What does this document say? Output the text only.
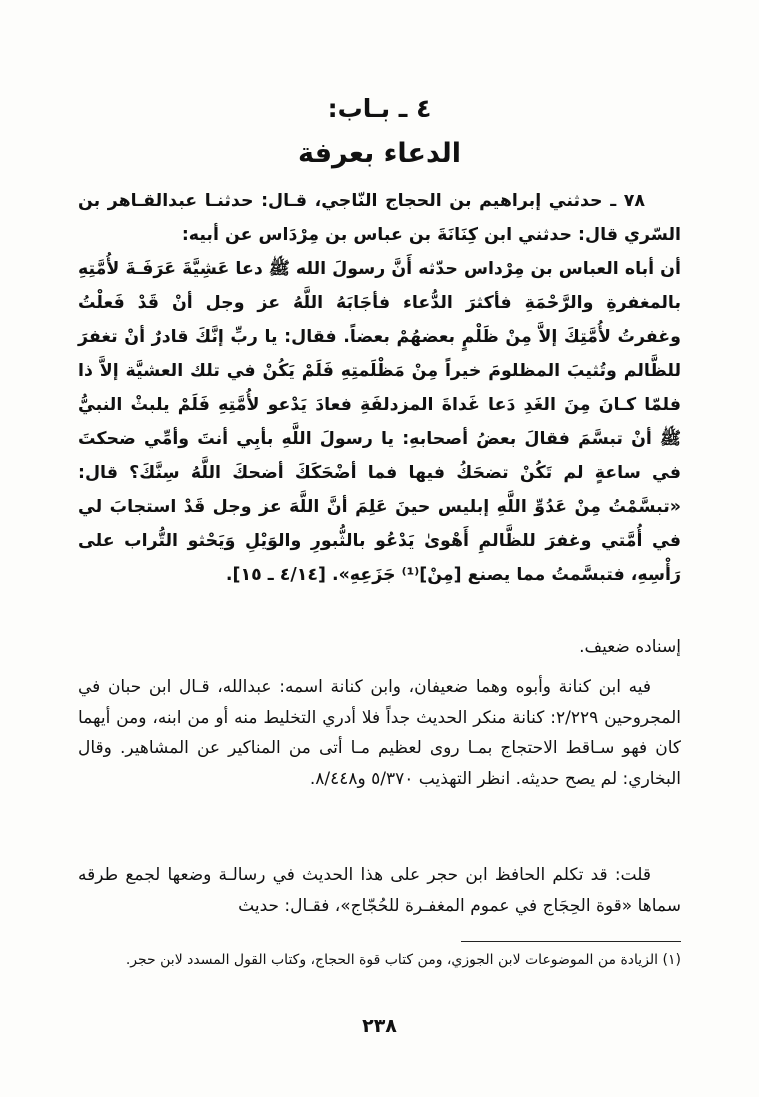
٤ ـ بـاب:
الدعاء بعرفة

٧٨ ـ حدثني إبراهيم بن الحجاج النّاجي، قـال: حدثنـا عبدالقـاهر بن السّري قال: حدثني ابن كِنَانَةَ بن عباس بن مِرْدَاس عن أبيه:

أن أباه العباس بن مِرْداس حدّثه أَنَّ رسولَ الله ﷺ دعا عَشِيَّةَ عَرَفَـةَ لأُمَّتِهِ بالمغفرةِ والرَّحْمَةِ فأكثرَ الدُّعاء فأجَابَهُ اللَّهُ عز وجل أنْ قَدْ فَعلْتُ وغفرتُ لأُمَّتِكَ إلاَّ مِنْ ظَلْمٍ بعضهُمْ بعضاً. فقال: يا ربِّ إنَّكَ قادرٌ أنْ تغفرَ للظَّالم وتُثيبَ المظلومَ خيراً مِنْ مَظْلَمتِهِ فَلَمْ يَكُنْ في تلك العشيَّة إلاَّ ذا فلمّا كـانَ مِنَ الغَدِ دَعا غَداةَ المزدلفَةِ فعادَ يَدْعو لأُمَّتِهِ فَلَمْ يلبثْ النبيُّ ﷺ أنْ تبسَّمَ فقالَ بعضُ أصحابهِ: يا رسولَ اللَّهِ بأبِي أنتَ وأمِّي ضحكتَ في ساعةٍ لم تَكُنْ تضحَكُ فيها فما أضْحَكَكَ أضحكَ اللَّهُ سِنَّكَ؟ قال: «تبسَّمْتُ مِنْ عَدُوِّ اللَّهِ إبليس حينَ عَلِمَ أنَّ اللَّهَ عز وجل قَدْ استجابَ لي في أُمَّتي وغفرَ للظَّالمِ أَهْوىٰ يَدْعُو بالثُّبورِ والوَيْلِ وَيَحْثو التُّراب على رَأْسِهِ، فتبسَّمتُ مما يصنع [مِنْ]⁽¹⁾ جَزَعِهِ». [٤/١٤ ـ ١٥].

إسناده ضعيف.

فيه ابن كنانة وأبوه وهما ضعيفان، وابن كنانة اسمه: عبدالله، قـال ابن حبان في المجروحين ٢/٢٢٩: كنانة منكر الحديث جداً فلا أدري التخليط منه أو من ابنه، ومن أيهما كان فهو سـاقط الاحتجاج بمـا روى لعظيم مـا أتى من المناكير عن المشاهير. وقال البخاري: لم يصح حديثه. انظر التهذيب ٥/٣٧٠ و٨/٤٤٨.

قلت: قد تكلم الحافظ ابن حجر على هذا الحديث في رسالـة وضعها لجمع طرقه سماها «قوة الحِجَاج في عموم المغفـرة للحُجّاج»، فقـال: حديث

(١) الزيادة من الموضوعات لابن الجوزي، ومن كتاب قوة الحجاج، وكتاب القول المسدد لابن حجر.
٢٣٨
